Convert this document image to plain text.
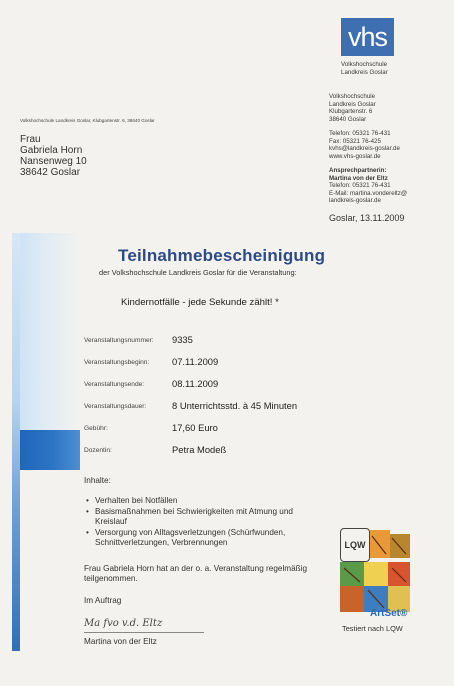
vhs
Volkshochschule
Landkreis Goslar
Volkshochschule Landkreis Goslar, Klubgartenstr. 6, 38640 Goslar
Frau
Gabriela Horn
Nansenweg 10
38642 Goslar
Volkshochschule
Landkreis Goslar
Klubgartenstr. 6
38640 Goslar
Telefon: 05321 76-431
Fax: 05321 76-425
kvhs@landkreis-goslar.de
www.vhs-goslar.de
Ansprechpartnerin:
Martina von der Eltz
Telefon: 05321 76-431
E-Mail: martina.vondereltz@
landkreis-goslar.de
Goslar, 13.11.2009
Teilnahmebescheinigung
der Volkshochschule Landkreis Goslar für die Veranstaltung:
Kindernotfälle - jede Sekunde zählt! *
Veranstaltungsnummer: 9335
Veranstaltungsbeginn: 07.11.2009
Veranstaltungsende:	08.11.2009
Veranstaltungsdauer:	8 Unterrichtsstd. à 45 Minuten
Gebühr:	17,60 Euro
Dozentin:	Petra Modeß
Inhalte:
• Verhalten bei Notfällen
• Basismaßnahmen bei Schwierigkeiten mit Atmung und Kreislauf
• Versorgung von Alltagsverletzungen (Schürfwunden, Schnittverletzungen, Verbrennungen
Frau Gabriela Horn hat an der o. a. Veranstaltung regelmäßig teilgenommen.
Im Auftrag
Ma fvo v.d. Eltz
Martina von der Eltz
LQW
ArtSet®
Testiert nach LQW
